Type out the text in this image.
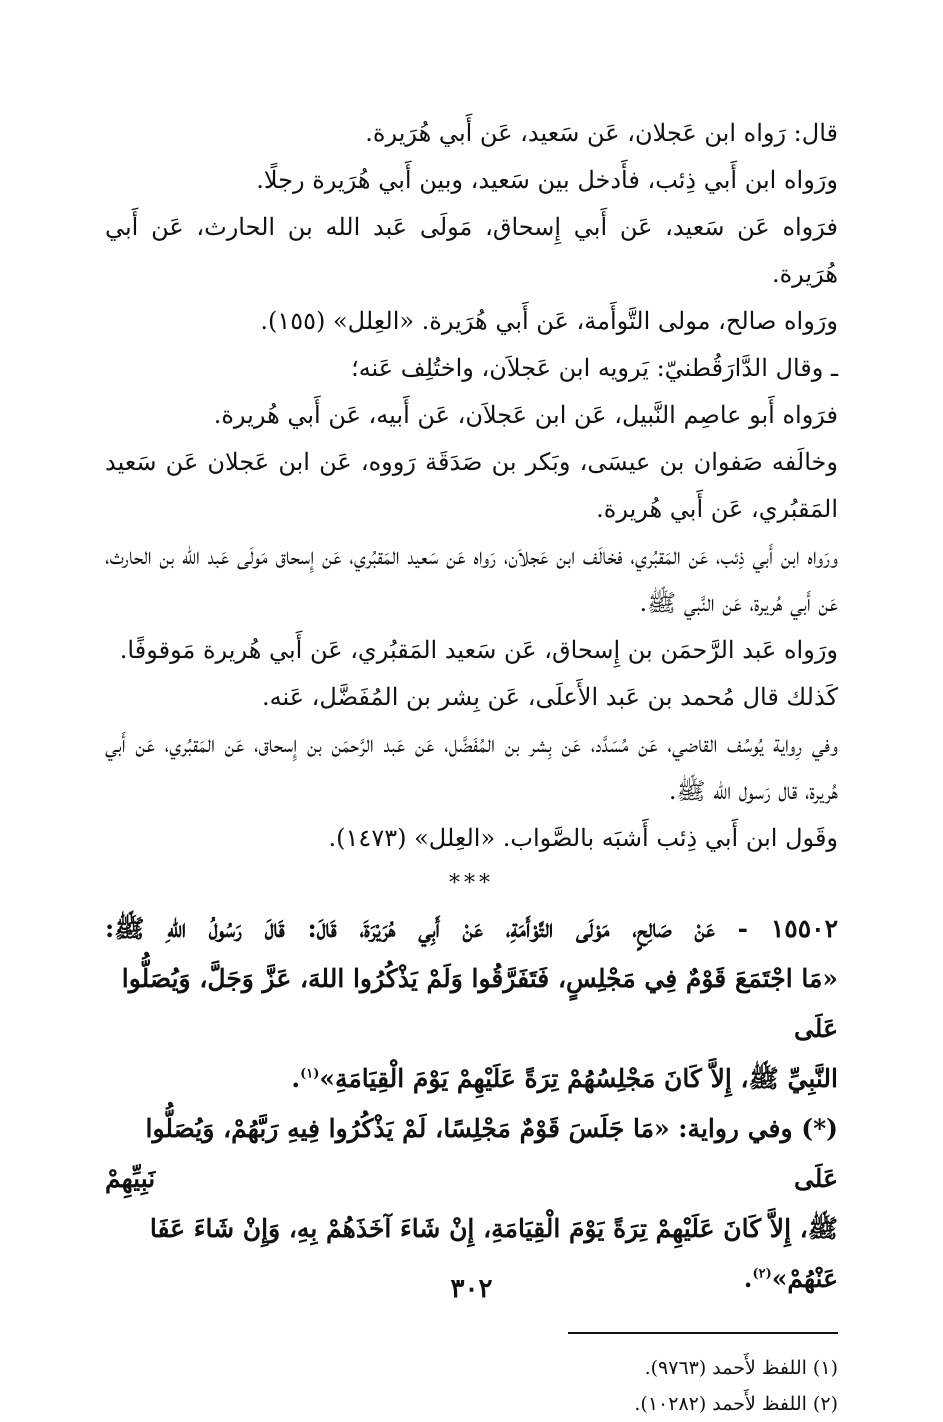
قال: رَواه ابن عَجلان، عَن سَعيد، عَن أَبي هُرَيرة.

ورَواه ابن أَبي ذِئب، فأَدخل بين سَعيد، وبين أَبي هُرَيرة رجلًا.

فرَواه عَن سَعيد، عَن أَبي إِسحاق، مَولَى عَبد الله بن الحارث، عَن أَبي هُرَيرة.

ورَواه صالح، مولى التَّوأَمة، عَن أَبي هُرَيرة. «العِلل» (١٥٥).

ـ وقال الدَّارَقُطنيّ: يَرويه ابن عَجلاَن، واختُلِف عَنه؛

فرَواه أَبو عاصِم النَّبيل، عَن ابن عَجلاَن، عَن أَبيه، عَن أَبي هُريرة.

وخالَفه صَفوان بن عيسَى، وبَكر بن صَدَقَة رَووه، عَن ابن عَجلان عَن سَعيد المَقبُري، عَن أَبي هُريرة.

ورَواه ابن أَبي ذِئب، عَن المَقبُري، فخالَف ابن عَجلاَن، رَواه عَن سَعيد المَقبُري، عَن إِسحاق مَولَى عَبد الله بن الحارث، عَن أَبي هُريرة، عَن النَّبي ﷺ.

ورَواه عَبد الرَّحمَن بن إِسحاق، عَن سَعيد المَقبُري، عَن أَبي هُريرة مَوقوفًا.

كَذلك قال مُحمد بن عَبد الأَعلَى، عَن بِشر بن المُفَضَّل، عَنه.

وفي رِواية يُوسُف القاضي، عَن مُسَدَّد، عَن بِشر بن المُفَضَّل، عَن عَبد الرَّحمَن بن إِسحاق، عَن المَقبُري، عَن أَبي هُريرة، قال رَسول الله ﷺ.

وقَول ابن أَبي ذِئب أَشبَه بالصَّواب. «العِلل» (١٤٧٣).

***
١٥٥٠٢ - عَنْ صَالِحٍ، مَوْلَى التَّوْأَمَةِ، عَنْ أَبِي هُرَيْرَةَ، قَالَ: قَالَ رَسُولُ اللهِ ﷺ:
«مَا اجْتَمَعَ قَوْمٌ فِي مَجْلِسٍ، فَتَفَرَّقُوا وَلَمْ يَذْكُرُوا اللهَ، عَزَّ وَجَلَّ، وَيُصَلُّوا عَلَى
النَّبِيِّ ﷺ، إِلاَّ كَانَ مَجْلِسُهُمْ تِرَةً عَلَيْهِمْ يَوْمَ الْقِيَامَةِ»$^{(١)}$.
(*) وفي رواية: «مَا جَلَسَ قَوْمٌ مَجْلِسًا، لَمْ يَذْكُرُوا فِيهِ رَبَّهُمْ، وَيُصَلُّوا عَلَى نَبِيِّهِمْ
ﷺ، إِلاَّ كَانَ عَلَيْهِمْ تِرَةً يَوْمَ الْقِيَامَةِ، إِنْ شَاءَ آخَذَهُمْ بِهِ، وَإِنْ شَاءَ عَفَا عَنْهُمْ»$^{(٢)}$.

(١) اللفظ لأَحمد (٩٧٦٣).

(٢) اللفظ لأَحمد (١٠٢٨٢).

٣٠٢
